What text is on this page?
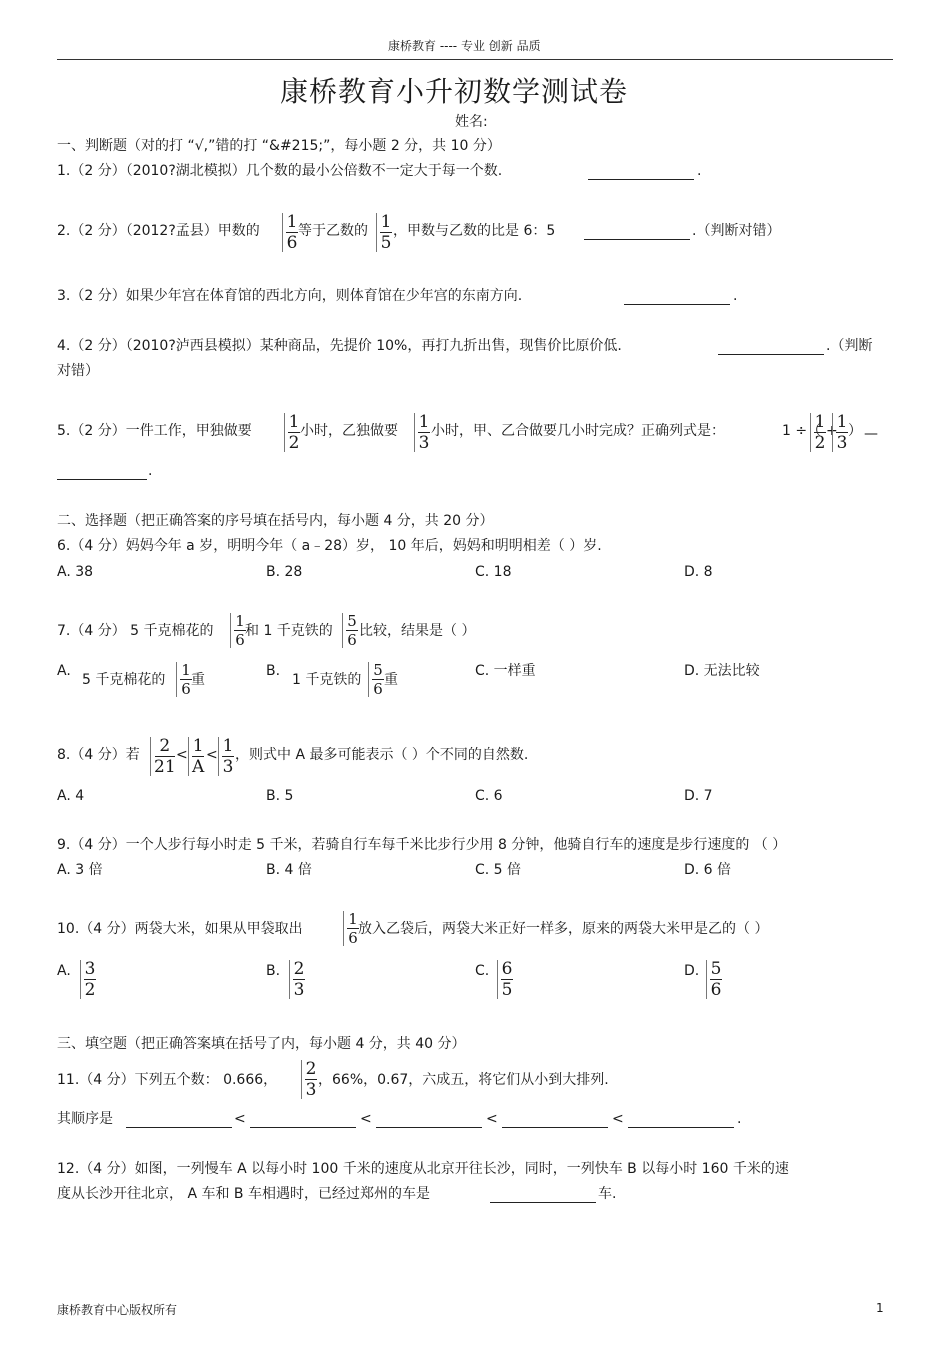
康桥教育 ---- 专业 创新 品质
康桥教育小升初数学测试卷
姓名:
一、判断题（对的打 “√,”错的打 “&#215;”，每小题 2 分，共 10 分）
1.（2 分）（2010?湖北模拟）几个数的最小公倍数不一定大于每一个数.	.
2.（2 分）（2012?孟县）甲数的 1
6
等于乙数的 1
5
，甲数与乙数的比是 6：5	.（判断对错）
3.（2 分）如果少年宫在体育馆的西北方向，则体育馆在少年宫的东南方向.	.
4.（2 分）（2010?泸西县模拟）某种商品，先提价 10%，再打九折出售，现售价比原价低.	.（判断
对错）
5.（2 分）一件工作，甲独做要 1
2
小时，乙独做要 1
3
小时，甲、乙合做要几小时完成？正确列式是：	1 ÷（
1
2
+
1
3
） —
.
二、选择题（把正确答案的序号填在括号内，每小题 4 分，共 20 分）
6.（4 分）妈妈今年 a 岁，明明今年（ a﹣28）岁， 10 年后，妈妈和明明相差（ ）岁.
A. 38	B. 28	C. 18	D. 8
7.（4 分） 5 千克棉花的
1
6 和 1 千克铁的
5
6 比较，结果是（ ）
A.
5 千克棉花的
1
6 重
B.
1 千克铁的
5
6 重
C. 一样重	D. 无法比较
8.（4 分）若 2
21
< 1
A
< 1
3
，则式中 A 最多可能表示（ ）个不同的自然数.
A. 4	B. 5	C. 6	D. 7
9.（4 分）一个人步行每小时走 5 千米，若骑自行车每千米比步行少用 8 分钟，他骑自行车的速度是步行速度的 （ ）
A. 3 倍	B. 4 倍	C. 5 倍	D. 6 倍
10.（4 分）两袋大米，如果从甲袋取出
1
6 放入乙袋后，两袋大米正好一样多，原来的两袋大米甲是乙的（ ）
A. 3
2
B. 2
3
C. 6
5
D. 5
6
三、填空题（把正确答案填在括号了内，每小题 4 分，共 40 分）
11.（4 分）下列五个数： 0.666，
2
3 ，66%，0.67，六成五，将它们从小到大排列.
其顺序是	<	<	<	<	.
12.（4 分）如图，一列慢车 A 以每小时 100 千米的速度从北京开往长沙，同时，一列快车 B 以每小时 160 千米的速
度从长沙开往北京， A 车和 B 车相遇时，已经过郑州的车是	车.
康桥教育中心版权所有	1
